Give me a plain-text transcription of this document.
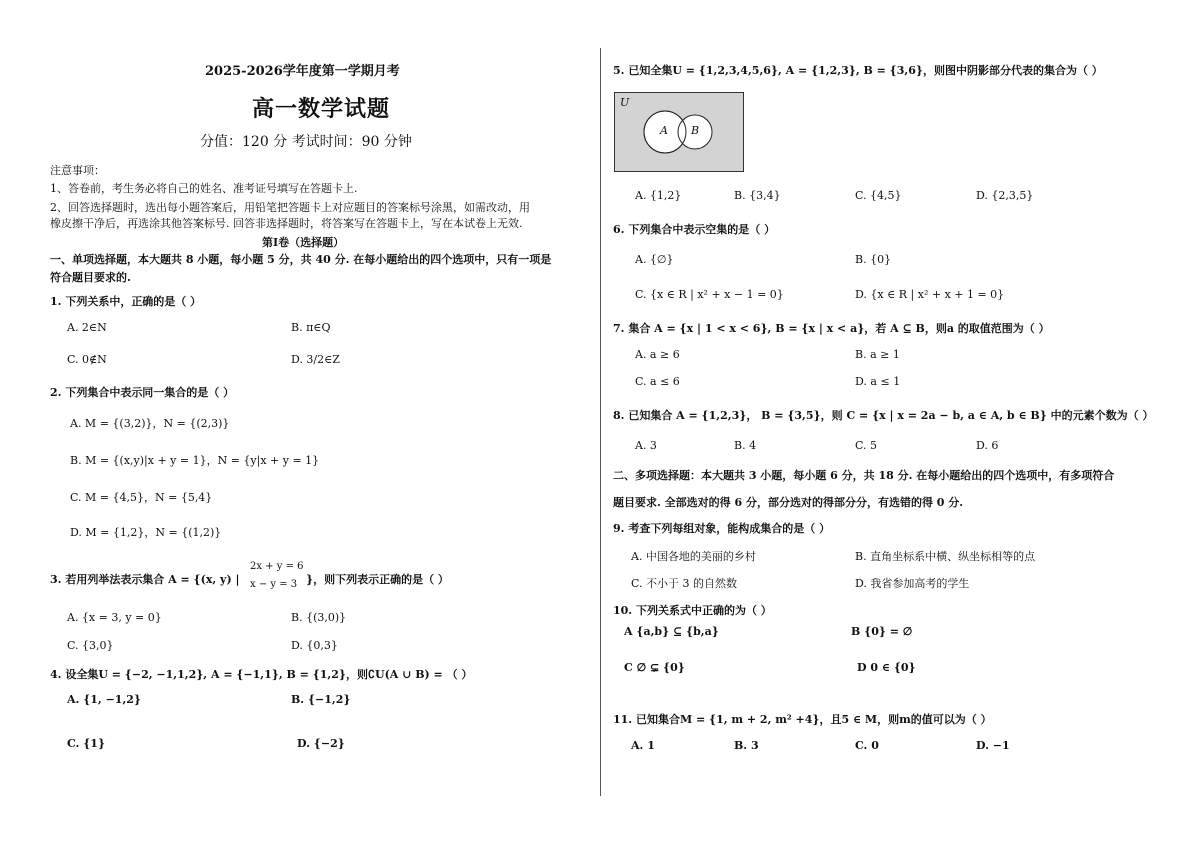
2025-2026学年度第一学期月考
高一数学试题
分值：120 分 考试时间：90 分钟
注意事项：
1、答卷前，考生务必将自己的姓名、准考证号填写在答题卡上.
2、回答选择题时，选出每小题答案后，用铅笔把答题卡上对应题目的答案标号涂黑，如需改动，用
橡皮擦干净后，再选涂其他答案标号. 回答非选择题时，将答案写在答题卡上，写在本试卷上无效.
第Ⅰ卷（选择题）
一、单项选择题，本大题共 8 小题，每小题 5 分，共 40 分. 在每小题给出的四个选项中，只有一项是
符合题目要求的.
1. 下列关系中，正确的是（ ）
A. 2∈N	B. π∈Q
C. 0∉N	D. 3/2∈Z
2. 下列集合中表示同一集合的是（ ）
A. M = {(3,2)}，N = {(2,3)}
B. M = {(x,y)|x + y = 1}，N = {y|x + y = 1}
C. M = {4,5}，N = {5,4}
D. M = {1,2}，N = {(1,2)}
3. 若用列举法表示集合 A = {(x, y) |
2x + y = 6
x − y = 3 }，则下列表示正确的是（ ）
A. {x = 3, y = 0}	B. {(3,0)}
C. {3,0}	D. {0,3}
4. 设全集U = {−2, −1,1,2}, A = {−1,1}, B = {1,2}，则∁U(A ∪ B) = （ ）
A. {1, −1,2}	B. {−1,2}
C. {1}	D. {−2}
5. 已知全集U = {1,2,3,4,5,6}, A = {1,2,3}, B = {3,6}，则图中阴影部分代表的集合为（ ）
U
A B
A. {1,2}	B. {3,4}	C. {4,5}	D. {2,3,5}
6. 下列集合中表示空集的是（ ）
A. {∅}	B. {0}
C. {x ∈ R | x² + x − 1 = 0}	D. {x ∈ R | x² + x + 1 = 0}
7. 集合 A = {x | 1 < x < 6}, B = {x | x < a}，若 A ⊆ B，则a 的取值范围为（ ）
A. a ≥ 6	B. a ≥ 1
C. a ≤ 6	D. a ≤ 1
8. 已知集合 A = {1,2,3}， B = {3,5}，则 C = {x | x = 2a − b, a ∈ A, b ∈ B} 中的元素个数为（ ）
A. 3	B. 4	C. 5	D. 6
二、多项选择题：本大题共 3 小题，每小题 6 分，共 18 分. 在每小题给出的四个选项中，有多项符合
题目要求. 全部选对的得 6 分，部分选对的得部分分，有选错的得 0 分.
9. 考查下列每组对象，能构成集合的是（ ）
A. 中国各地的美丽的乡村	B. 直角坐标系中横、纵坐标相等的点
C. 不小于 3 的自然数	D. 我省参加高考的学生
10. 下列关系式中正确的为（ ）
A {a,b} ⊆ {b,a}	B {0} = ∅
C ∅ ⊊ {0}	D 0 ∈ {0}
11. 已知集合M = {1, m + 2, m² +4}，且5 ∈ M，则m的值可以为（ ）
A. 1	B. 3	C. 0	D. −1
